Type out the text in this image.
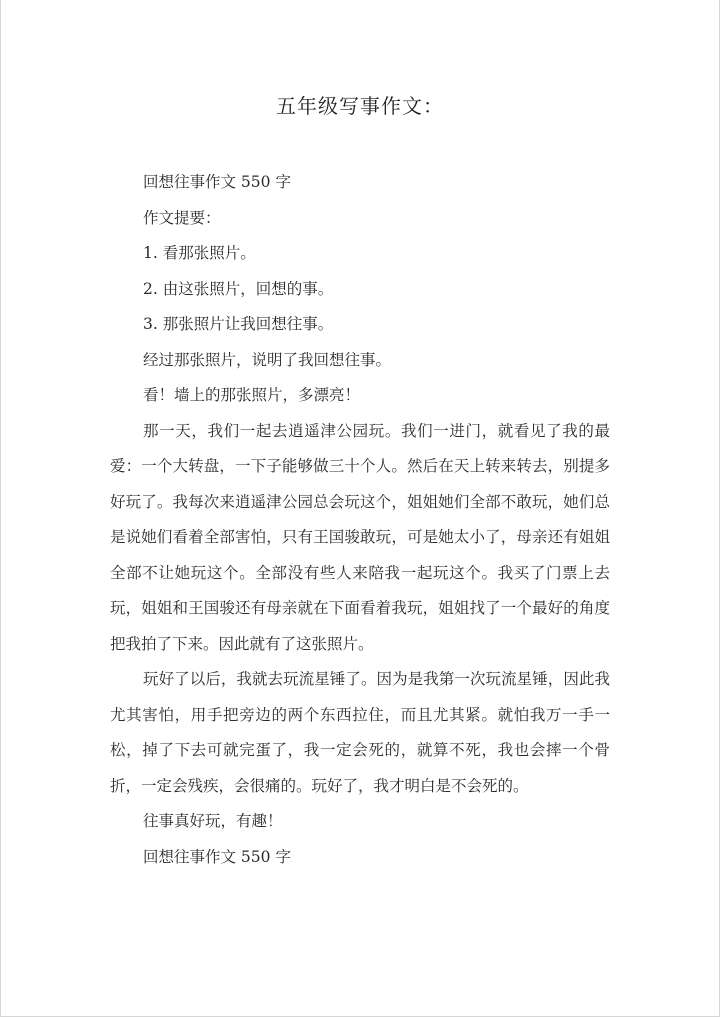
五年级写事作文：

回想往事作文 550 字

作文提要：

1. 看那张照片。

2. 由这张照片，回想的事。

3. 那张照片让我回想往事。

经过那张照片，说明了我回想往事。

看！墙上的那张照片，多漂亮！

那一天，我们一起去逍遥津公园玩。我们一进门，就看见了我的最爱：一个大转盘，一下子能够做三十个人。然后在天上转来转去，别提多好玩了。我每次来逍遥津公园总会玩这个，姐姐她们全部不敢玩，她们总是说她们看着全部害怕，只有王国骏敢玩，可是她太小了，母亲还有姐姐全部不让她玩这个。全部没有些人来陪我一起玩这个。我买了门票上去玩，姐姐和王国骏还有母亲就在下面看着我玩，姐姐找了一个最好的角度把我拍了下来。因此就有了这张照片。

玩好了以后，我就去玩流星锤了。因为是我第一次玩流星锤，因此我尤其害怕，用手把旁边的两个东西拉住，而且尤其紧。就怕我万一手一松，掉了下去可就完蛋了，我一定会死的，就算不死，我也会摔一个骨折，一定会残疾，会很痛的。玩好了，我才明白是不会死的。

往事真好玩，有趣！

回想往事作文 550 字
